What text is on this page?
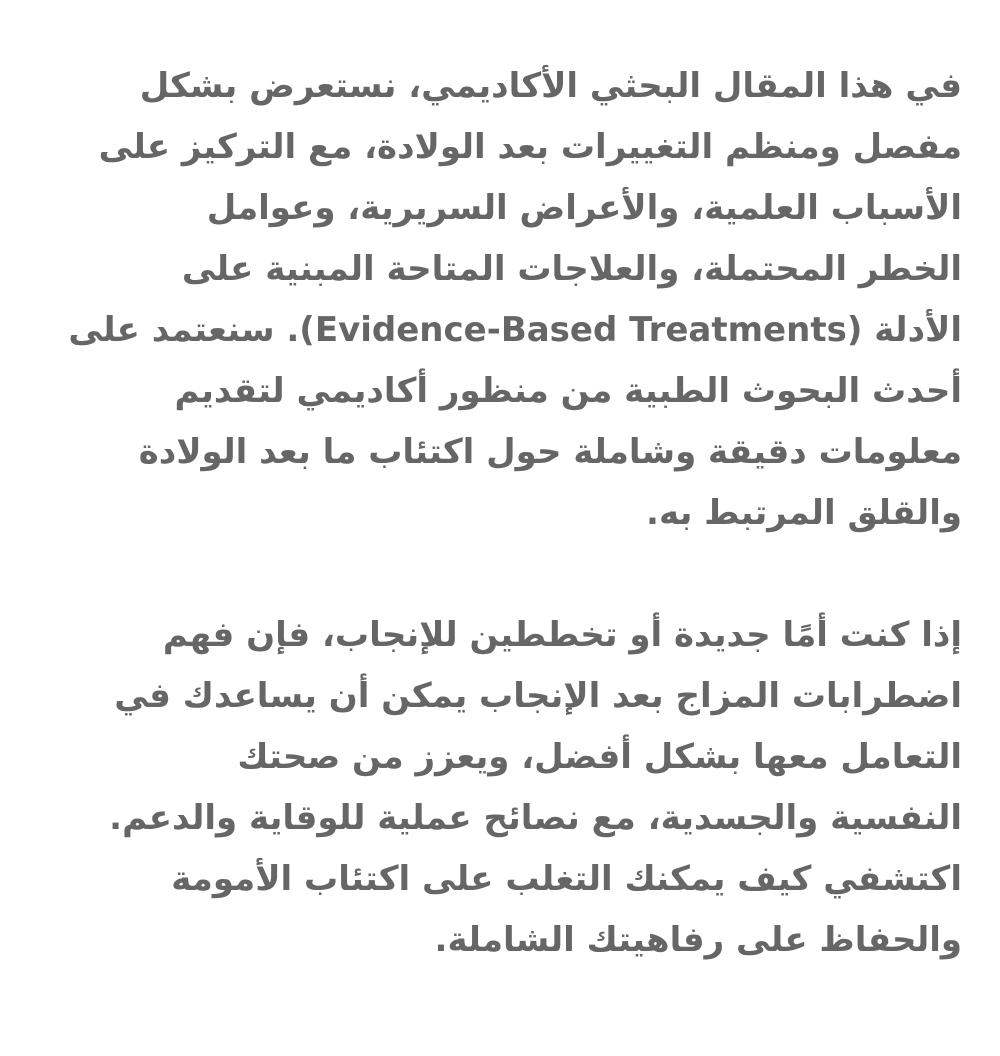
في هذا المقال البحثي الأكاديمي، نستعرض بشكل
مفصل ومنظم التغييرات بعد الولادة، مع التركيز على
الأسباب العلمية، والأعراض السريرية، وعوامل
الخطر المحتملة، والعلاجات المتاحة المبنية على
الأدلة (Evidence-Based Treatments). سنعتمد على
أحدث البحوث الطبية من منظور أكاديمي لتقديم
معلومات دقيقة وشاملة حول اكتئاب ما بعد الولادة
والقلق المرتبط به.

إذا كنت أمًا جديدة أو تخططين للإنجاب، فإن فهم
اضطرابات المزاج بعد الإنجاب يمكن أن يساعدك في
التعامل معها بشكل أفضل، ويعزز من صحتك
النفسية والجسدية، مع نصائح عملية للوقاية والدعم.
اكتشفي كيف يمكنك التغلب على اكتئاب الأمومة
والحفاظ على رفاهيتك الشاملة.
